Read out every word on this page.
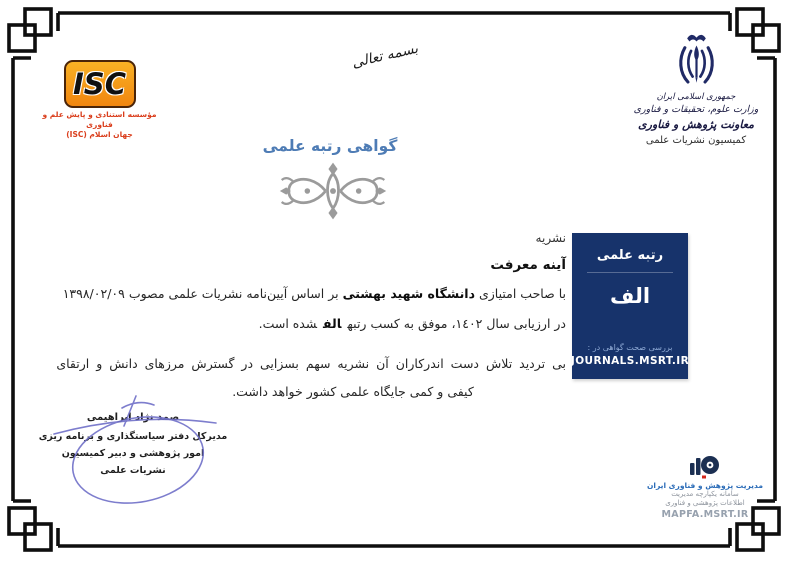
ISC
مؤسسه استنادی و پایش علم و فناوری
جهان اسلام (ISC)
بسمه تعالی
جمهوری اسلامی ایران
وزارت علوم، تحقیقات و فناوری
معاونت پژوهش و فناوری
کمیسیون نشریات علمی
گواهی رتبه علمی
نشریه
آینه معرفت
با صاحب امتیازی دانشگاه شهید بهشتی بر اساس آیین‌نامه نشریات علمی مصوب ۱۳۹۸/۰۲/۰۹
در ارزیابی سال ۱٤۰۲، موفق به کسب رتبهالفشده است.
بی تردید تلاش دست اندرکاران آن نشریه سهم بسزایی در گسترش مرزهای دانش و ارتقای
کیفی و کمی جایگاه علمی کشور خواهد داشت.
صمد نژاد ابراهیمی
مدیرکل دفتر سیاستگذاری و برنامه ریزی
امور پژوهشی و دبیر کمیسیون
نشریات علمی
رتبه علمی
الف
بررسی صحت گواهی در :
JOURNALS.MSRT.IR
مدیریت پژوهش و فناوری ایران
سامانه یکپارچه مدیریت
اطلاعات پژوهشی و فناوری
MAPFA.MSRT.IR
